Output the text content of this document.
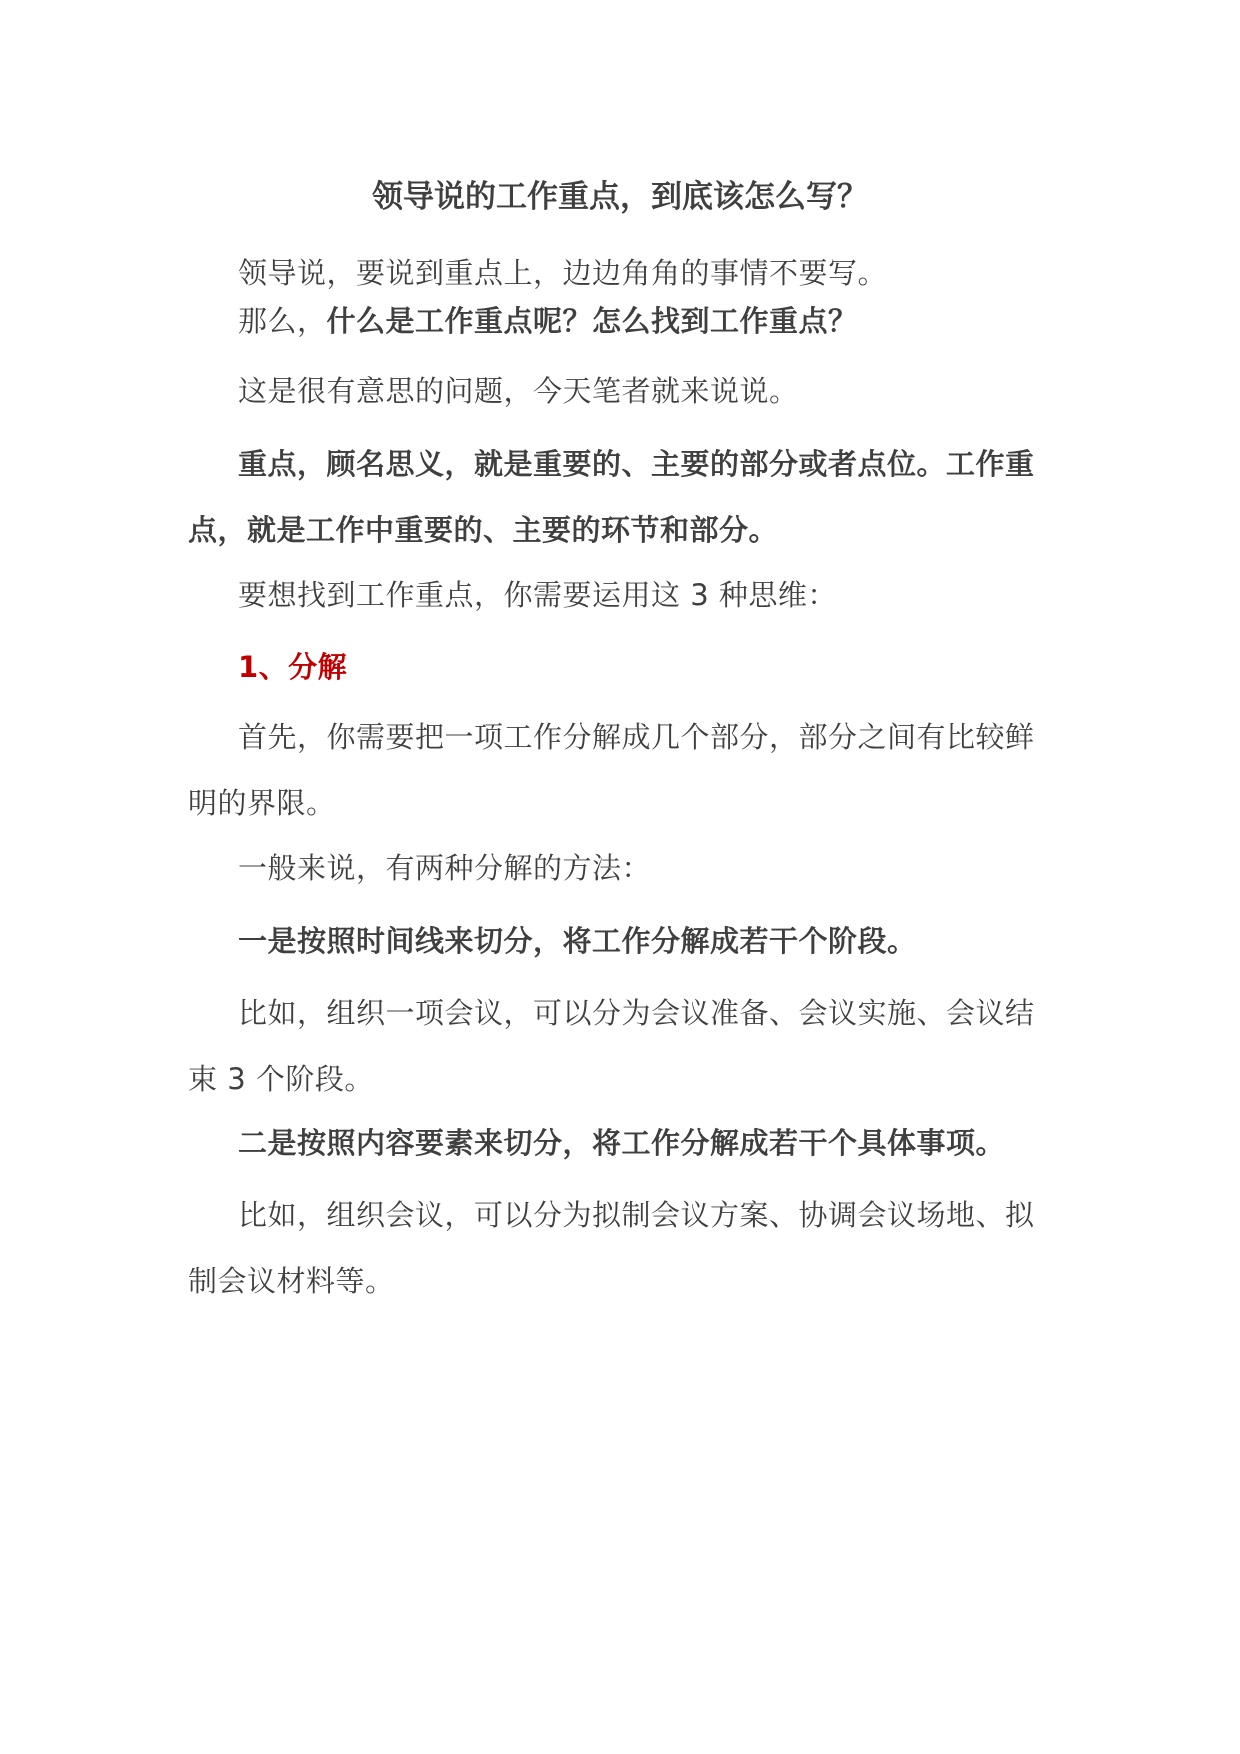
领导说的工作重点，到底该怎么写？

领导说，要说到重点上，边边角角的事情不要写。

那么，什么是工作重点呢？怎么找到工作重点？

这是很有意思的问题，今天笔者就来说说。

重点，顾名思义，就是重要的、主要的部分或者点位。工作重点，就是工作中重要的、主要的环节和部分。

要想找到工作重点，你需要运用这 3 种思维：

1、分解

首先，你需要把一项工作分解成几个部分，部分之间有比较鲜明的界限。

一般来说，有两种分解的方法：

一是按照时间线来切分，将工作分解成若干个阶段。

比如，组织一项会议，可以分为会议准备、会议实施、会议结束 3 个阶段。

二是按照内容要素来切分，将工作分解成若干个具体事项。

比如，组织会议，可以分为拟制会议方案、协调会议场地、拟制会议材料等。
